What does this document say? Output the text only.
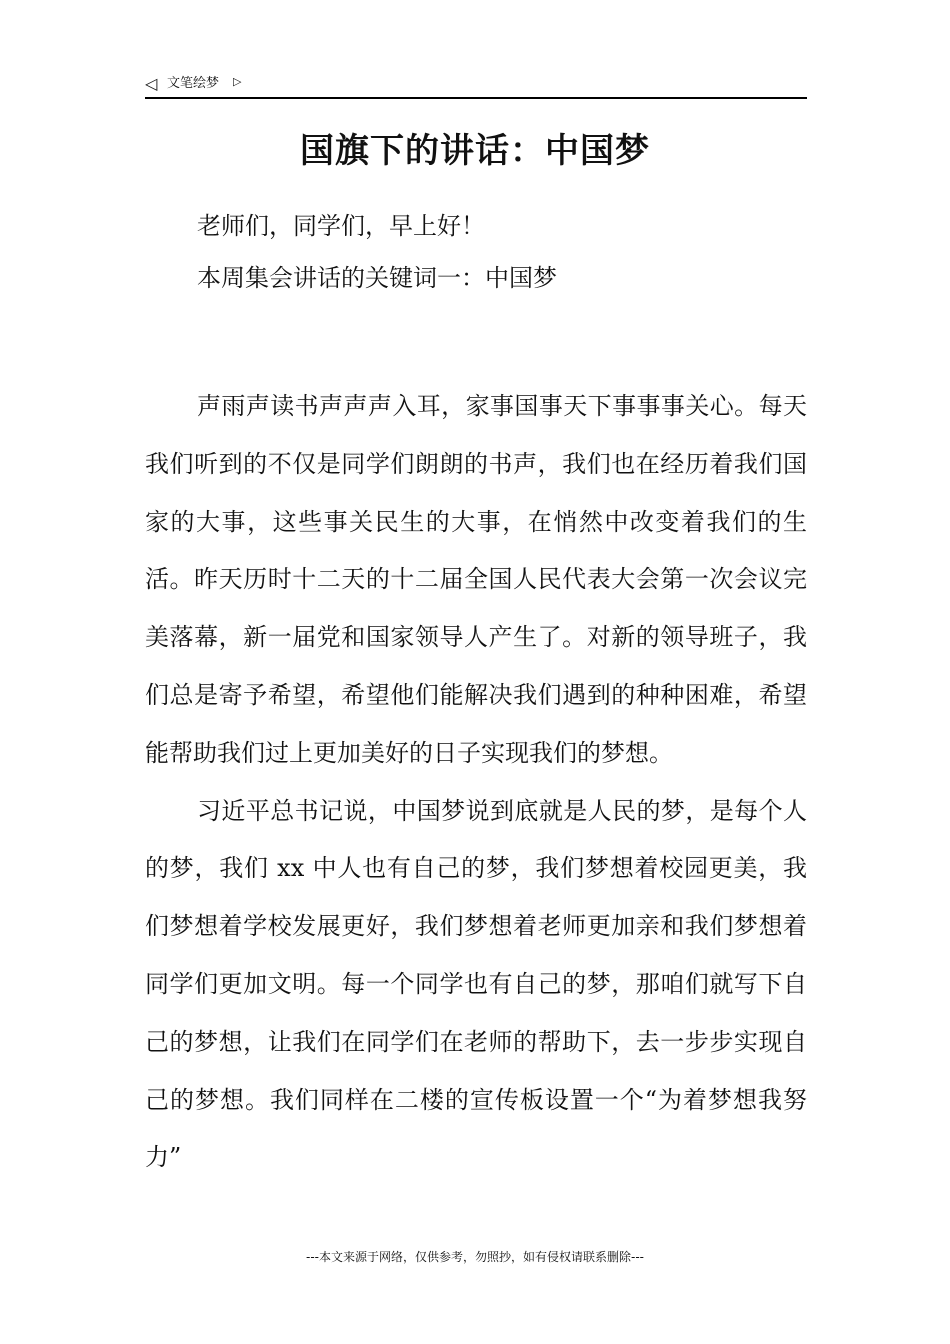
◁ 文笔绘梦 ▷
国旗下的讲话：中国梦

老师们，同学们，早上好！

本周集会讲话的关键词一：中国梦

声雨声读书声声声入耳，家事国事天下事事事关心。每天我们听到的不仅是同学们朗朗的书声，我们也在经历着我们国家的大事，这些事关民生的大事，在悄然中改变着我们的生活。昨天历时十二天的十二届全国人民代表大会第一次会议完美落幕，新一届党和国家领导人产生了。对新的领导班子，我们总是寄予希望，希望他们能解决我们遇到的种种困难，希望能帮助我们过上更加美好的日子实现我们的梦想。

习近平总书记说，中国梦说到底就是人民的梦，是每个人的梦，我们 xx 中人也有自己的梦，我们梦想着校园更美，我们梦想着学校发展更好，我们梦想着老师更加亲和我们梦想着同学们更加文明。每一个同学也有自己的梦，那咱们就写下自己的梦想，让我们在同学们在老师的帮助下，去一步步实现自己的梦想。我们同样在二楼的宣传板设置一个“为着梦想我努力”

---本文来源于网络，仅供参考，勿照抄，如有侵权请联系删除---
